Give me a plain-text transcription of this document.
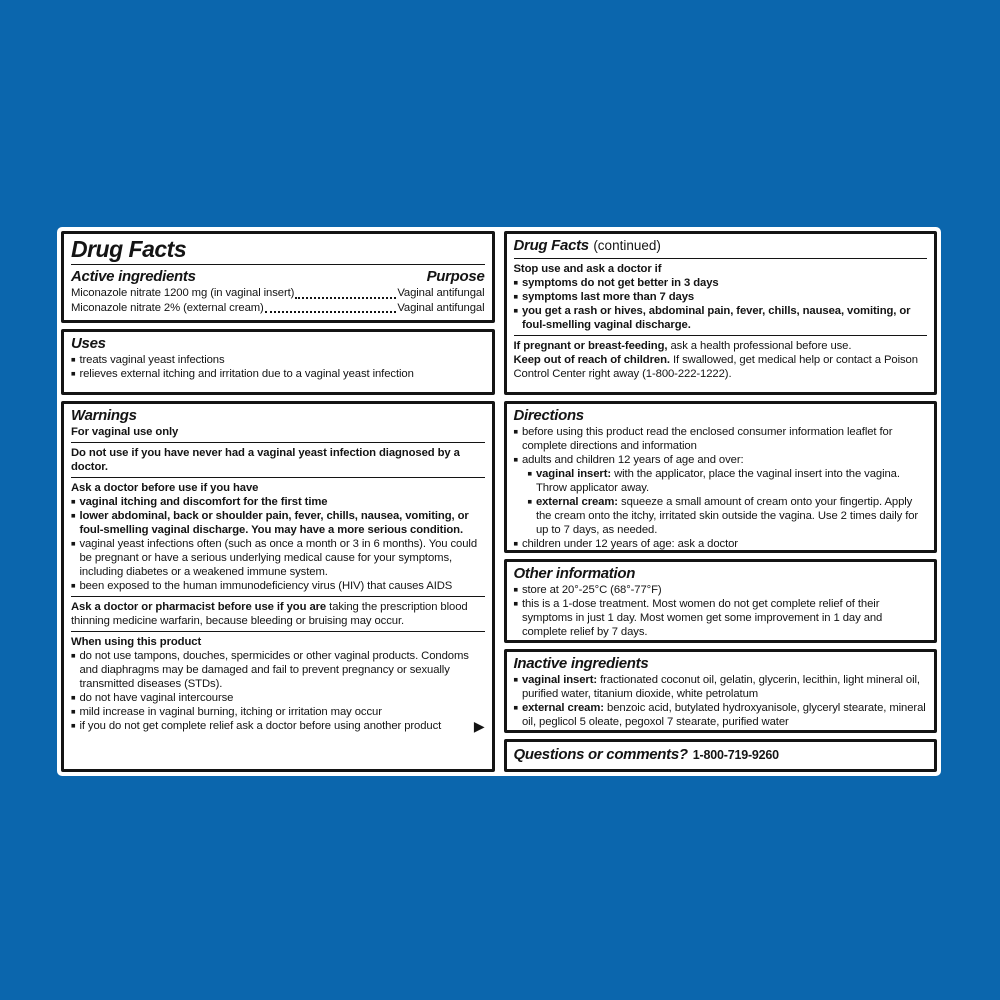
Drug Facts
Active ingredients	Purpose
Miconazole nitrate 1200 mg (in vaginal insert)	Vaginal antifungal
Miconazole nitrate 2% (external cream)	Vaginal antifungal
Uses
■ treats vaginal yeast infections
■ relieves external itching and irritation due to a vaginal yeast infection
Warnings
For vaginal use only
Do not use if you have never had a vaginal yeast infection diagnosed by a doctor.
Ask a doctor before use if you have
■ vaginal itching and discomfort for the first time
■ lower abdominal, back or shoulder pain, fever, chills, nausea, vomiting, or foul-smelling vaginal discharge. You may have a more serious condition.
■ vaginal yeast infections often (such as once a month or 3 in 6 months). You could be pregnant or have a serious underlying medical cause for your symptoms, including diabetes or a weakened immune system.
■ been exposed to the human immunodeficiency virus (HIV) that causes AIDS
Ask a doctor or pharmacist before use if you are taking the prescription blood thinning medicine warfarin, because bleeding or bruising may occur.
When using this product
■ do not use tampons, douches, spermicides or other vaginal products. Condoms and diaphragms may be damaged and fail to prevent pregnancy or sexually transmitted diseases (STDs).
■ do not have vaginal intercourse
■ mild increase in vaginal burning, itching or irritation may occur
■ if you do not get complete relief ask a doctor before using another product	▶
Drug Facts (continued)
Stop use and ask a doctor if
■ symptoms do not get better in 3 days
■ symptoms last more than 7 days
■ you get a rash or hives, abdominal pain, fever, chills, nausea, vomiting, or foul-smelling vaginal discharge.
If pregnant or breast-feeding, ask a health professional before use.
Keep out of reach of children. If swallowed, get medical help or contact a Poison Control Center right away (1-800-222-1222).
Directions
■ before using this product read the enclosed consumer information leaflet for complete directions and information
■ adults and children 12 years of age and over:
■ vaginal insert: with the applicator, place the vaginal insert into the vagina. Throw applicator away.
■ external cream: squeeze a small amount of cream onto your fingertip. Apply the cream onto the itchy, irritated skin outside the vagina. Use 2 times daily for up to 7 days, as needed.
■ children under 12 years of age: ask a doctor
Other information
■ store at 20°-25°C (68°-77°F)
■ this is a 1-dose treatment. Most women do not get complete relief of their symptoms in just 1 day. Most women get some improvement in 1 day and complete relief by 7 days.
Inactive ingredients
■ vaginal insert: fractionated coconut oil, gelatin, glycerin, lecithin, light mineral oil, purified water, titanium dioxide, white petrolatum
■ external cream: benzoic acid, butylated hydroxyanisole, glyceryl stearate, mineral oil, peglicol 5 oleate, pegoxol 7 stearate, purified water
Questions or comments? 1-800-719-9260
